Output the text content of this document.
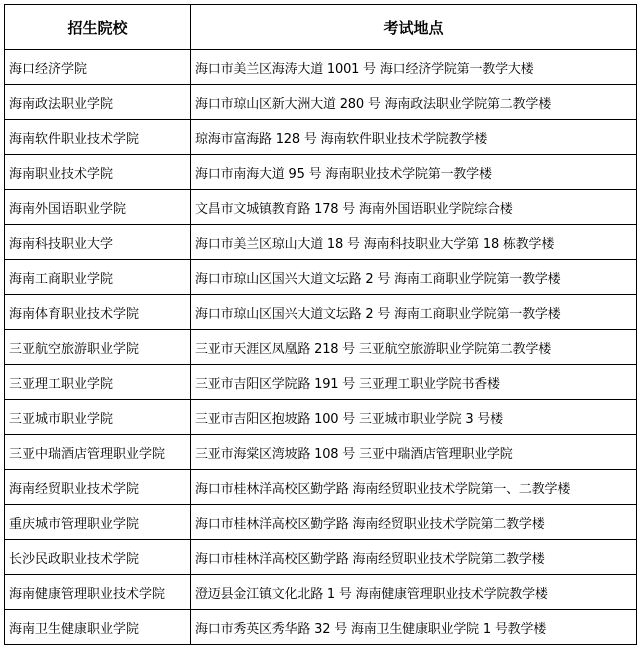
招生院校	考试地点
海口经济学院	海口市美兰区海涛大道 1001 号 海口经济学院第一教学大楼
海南政法职业学院	海口市琼山区新大洲大道 280 号 海南政法职业学院第二教学楼
海南软件职业技术学院	琼海市富海路 128 号 海南软件职业技术学院教学楼
海南职业技术学院	海口市南海大道 95 号 海南职业技术学院第一教学楼
海南外国语职业学院	文昌市文城镇教育路 178 号 海南外国语职业学院综合楼
海南科技职业大学	海口市美兰区琼山大道 18 号 海南科技职业大学第 18 栋教学楼
海南工商职业学院	海口市琼山区国兴大道文坛路 2 号 海南工商职业学院第一教学楼
海南体育职业技术学院	海口市琼山区国兴大道文坛路 2 号 海南工商职业学院第一教学楼
三亚航空旅游职业学院	三亚市天涯区凤凰路 218 号 三亚航空旅游职业学院第二教学楼
三亚理工职业学院	三亚市吉阳区学院路 191 号 三亚理工职业学院书香楼
三亚城市职业学院	三亚市吉阳区抱坡路 100 号 三亚城市职业学院 3 号楼
三亚中瑞酒店管理职业学院	三亚市海棠区湾坡路 108 号 三亚中瑞酒店管理职业学院
海南经贸职业技术学院	海口市桂林洋高校区勤学路 海南经贸职业技术学院第一、二教学楼
重庆城市管理职业学院	海口市桂林洋高校区勤学路 海南经贸职业技术学院第二教学楼
长沙民政职业技术学院	海口市桂林洋高校区勤学路 海南经贸职业技术学院第二教学楼
海南健康管理职业技术学院	澄迈县金江镇文化北路 1 号 海南健康管理职业技术学院教学楼
海南卫生健康职业学院	海口市秀英区秀华路 32 号 海南卫生健康职业学院 1 号教学楼
